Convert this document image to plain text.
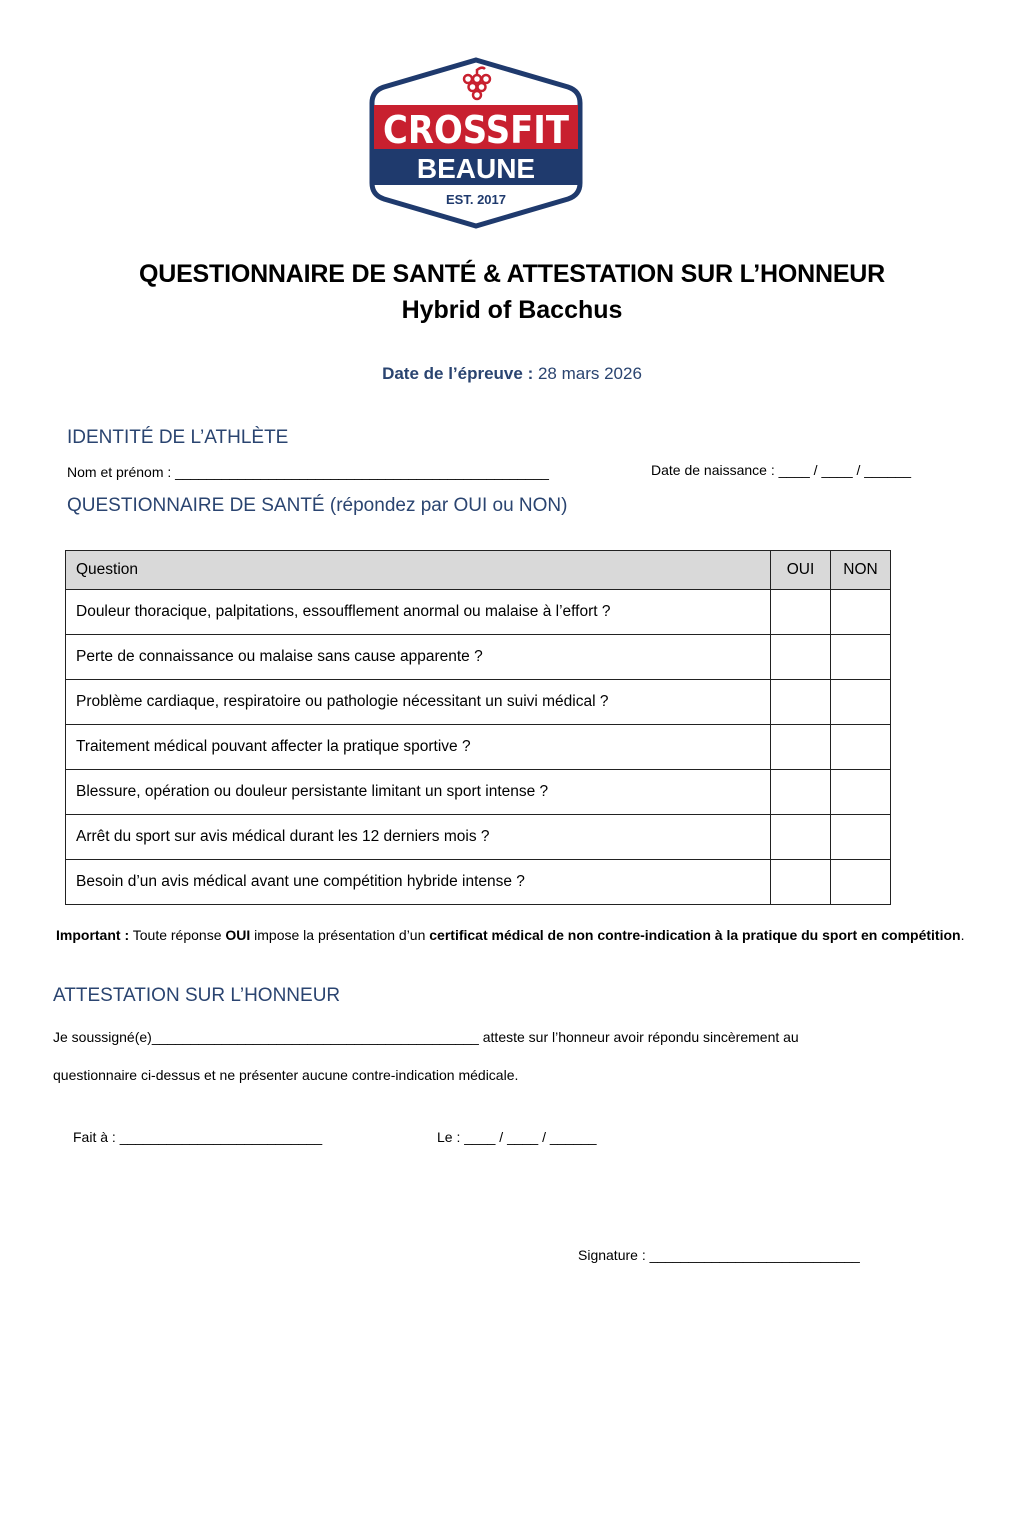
CROSSFIT
BEAUNE
EST. 2017
QUESTIONNAIRE DE SANTÉ & ATTESTATION SUR L’HONNEUR
Hybrid of Bacchus
Date de l’épreuve : 28 mars 2026
IDENTITÉ DE L’ATHLÈTE
Nom et prénom : ________________________________________________	Date de naissance : ____ / ____ / ______
QUESTIONNAIRE DE SANTÉ (répondez par OUI ou NON)
Question	OUI	NON
Douleur thoracique, palpitations, essoufflement anormal ou malaise à l’effort ?		
Perte de connaissance ou malaise sans cause apparente ?		
Problème cardiaque, respiratoire ou pathologie nécessitant un suivi médical ?		
Traitement médical pouvant affecter la pratique sportive ?		
Blessure, opération ou douleur persistante limitant un sport intense ?		
Arrêt du sport sur avis médical durant les 12 derniers mois ?		
Besoin d’un avis médical avant une compétition hybride intense ?		
Important : Toute réponse OUI impose la présentation d’un certificat médical de non contre-indication à la pratique du sport en compétition.
ATTESTATION SUR L’HONNEUR
Je soussigné(e)__________________________________________ atteste sur l’honneur avoir répondu sincèrement au
questionnaire ci-dessus et ne présenter aucune contre-indication médicale.
Fait à : __________________________	Le : ____ / ____ / ______
Signature : ___________________________
